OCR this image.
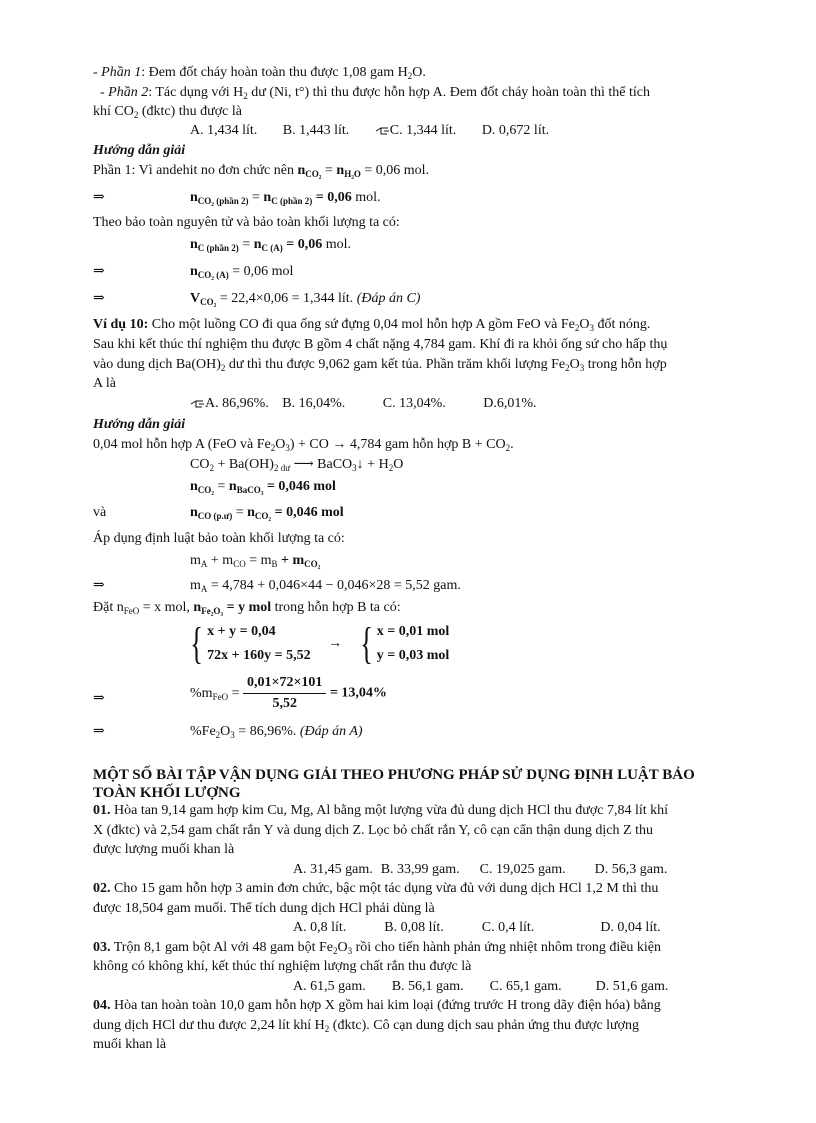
- Phần 1: Đem đốt cháy hoàn toàn thu được 1,08 gam $H_2O$.
- Phần 2: Tác dụng với $H_2$ dư (Ni, t°) thì thu được hỗn hợp A. Đem đốt cháy hoàn toàn thì thể tích
khí $CO_2$ (đktc) thu được là
A. 1,434 lít. B. 1,443 lít.	C. 1,344 lít. D. 0,672 lít.
Hướng dẫn giải
Phần 1: Vì andehit no đơn chức nên $n_{CO_2} = n_{H_2O} = 0,06$ mol.
⇒	$n_{CO_2 (phần 2)} = n_{C (phần 2)} = 0,06$ mol.
Theo bảo toàn nguyên tử và bảo toàn khối lượng ta có:
$n_{C (phần 2)} = n_{C (A)} = 0,06$ mol.
⇒	$n_{CO_2 (A)} = 0,06$ mol
⇒	$V_{CO_2} = 22,4\times 0,06 = 1,344$ lít. (Đáp án C)
Ví dụ 10: Cho một luồng CO đi qua ống sứ đựng 0,04 mol hỗn hợp A gồm FeO và $Fe_2O_3$ đốt nóng.
Sau khi kết thúc thí nghiệm thu được B gồm 4 chất nặng 4,784 gam. Khí đi ra khỏi ống sứ cho hấp thụ
vào dung dịch $Ba(OH)_2$ dư thì thu được 9,062 gam kết tủa. Phần trăm khối lượng $Fe_2O_3$ trong hỗn hợp
A là
A. 86,96%. B. 16,04%.	C. 13,04%.	D.6,01%.
Hướng dẫn giải
0,04 mol hỗn hợp A (FeO và $Fe_2O_3$) + CO → 4,784 gam hỗn hợp $B + CO_2$.
$CO_2 + Ba(OH)_{2 dư}$ ⟶ BaCO$_3$↓ + $H_2O$
$n_{CO_2} = n_{BaCO_3} = 0,046$ mol
và	$n_{CO (p.ư)} = n_{CO_2} = 0,046$ mol
Áp dụng định luật bảo toàn khối lượng ta có:
$m_A + m_{CO} = m_B + m_{CO_2}$
⇒	$m_A = 4,784 + 0,046\times 44 - 0,046\times 28 = 5,52$ gam.
Đặt $n_{FeO} = x$ mol, $n_{Fe_2O_3} = y$ mol trong hỗn hợp B ta có:
{ x + y = 0,04
72x + 160y = 5,52 → { x = 0,01 mol
y = 0,03 mol
⇒	$\%m_{FeO} = \frac{0,01\times 72\times 101}{5,52} = 13,04\%$
⇒	$\%Fe_2O_3 = 86,96\%$. (Đáp án A)
MỘT SỐ BÀI TẬP VẬN DỤNG GIẢI THEO PHƯƠNG PHÁP SỬ DỤNG ĐỊNH LUẬT BẢO
TOÀN KHỐI LƯỢNG
01. Hòa tan 9,14 gam hợp kim Cu, Mg, Al bằng một lượng vừa đủ dung dịch HCl thu được 7,84 lít khí
X (đktc) và 2,54 gam chất rắn Y và dung dịch Z. Lọc bỏ chất rắn Y, cô cạn cẩn thận dung dịch Z thu
được lượng muối khan là
A. 31,45 gam. B. 33,99 gam. C. 19,025 gam. D. 56,3 gam.
02. Cho 15 gam hỗn hợp 3 amin đơn chức, bậc một tác dụng vừa đủ với dung dịch HCl 1,2 M thì thu
được 18,504 gam muối. Thể tích dung dịch HCl phải dùng là
A. 0,8 lít.	B. 0,08 lít.	C. 0,4 lít.	D. 0,04 lít.
03. Trộn 8,1 gam bột Al với 48 gam bột $Fe_2O_3$ rồi cho tiến hành phản ứng nhiệt nhôm trong điều kiện
không có không khí, kết thúc thí nghiệm lượng chất rắn thu được là
A. 61,5 gam. B. 56,1 gam. C. 65,1 gam. D. 51,6 gam.
04. Hòa tan hoàn toàn 10,0 gam hỗn hợp X gồm hai kim loại (đứng trước H trong dãy điện hóa) bằng
dung dịch HCl dư thu được 2,24 lít khí $H_2$ (đktc). Cô cạn dung dịch sau phản ứng thu được lượng
muối khan là
